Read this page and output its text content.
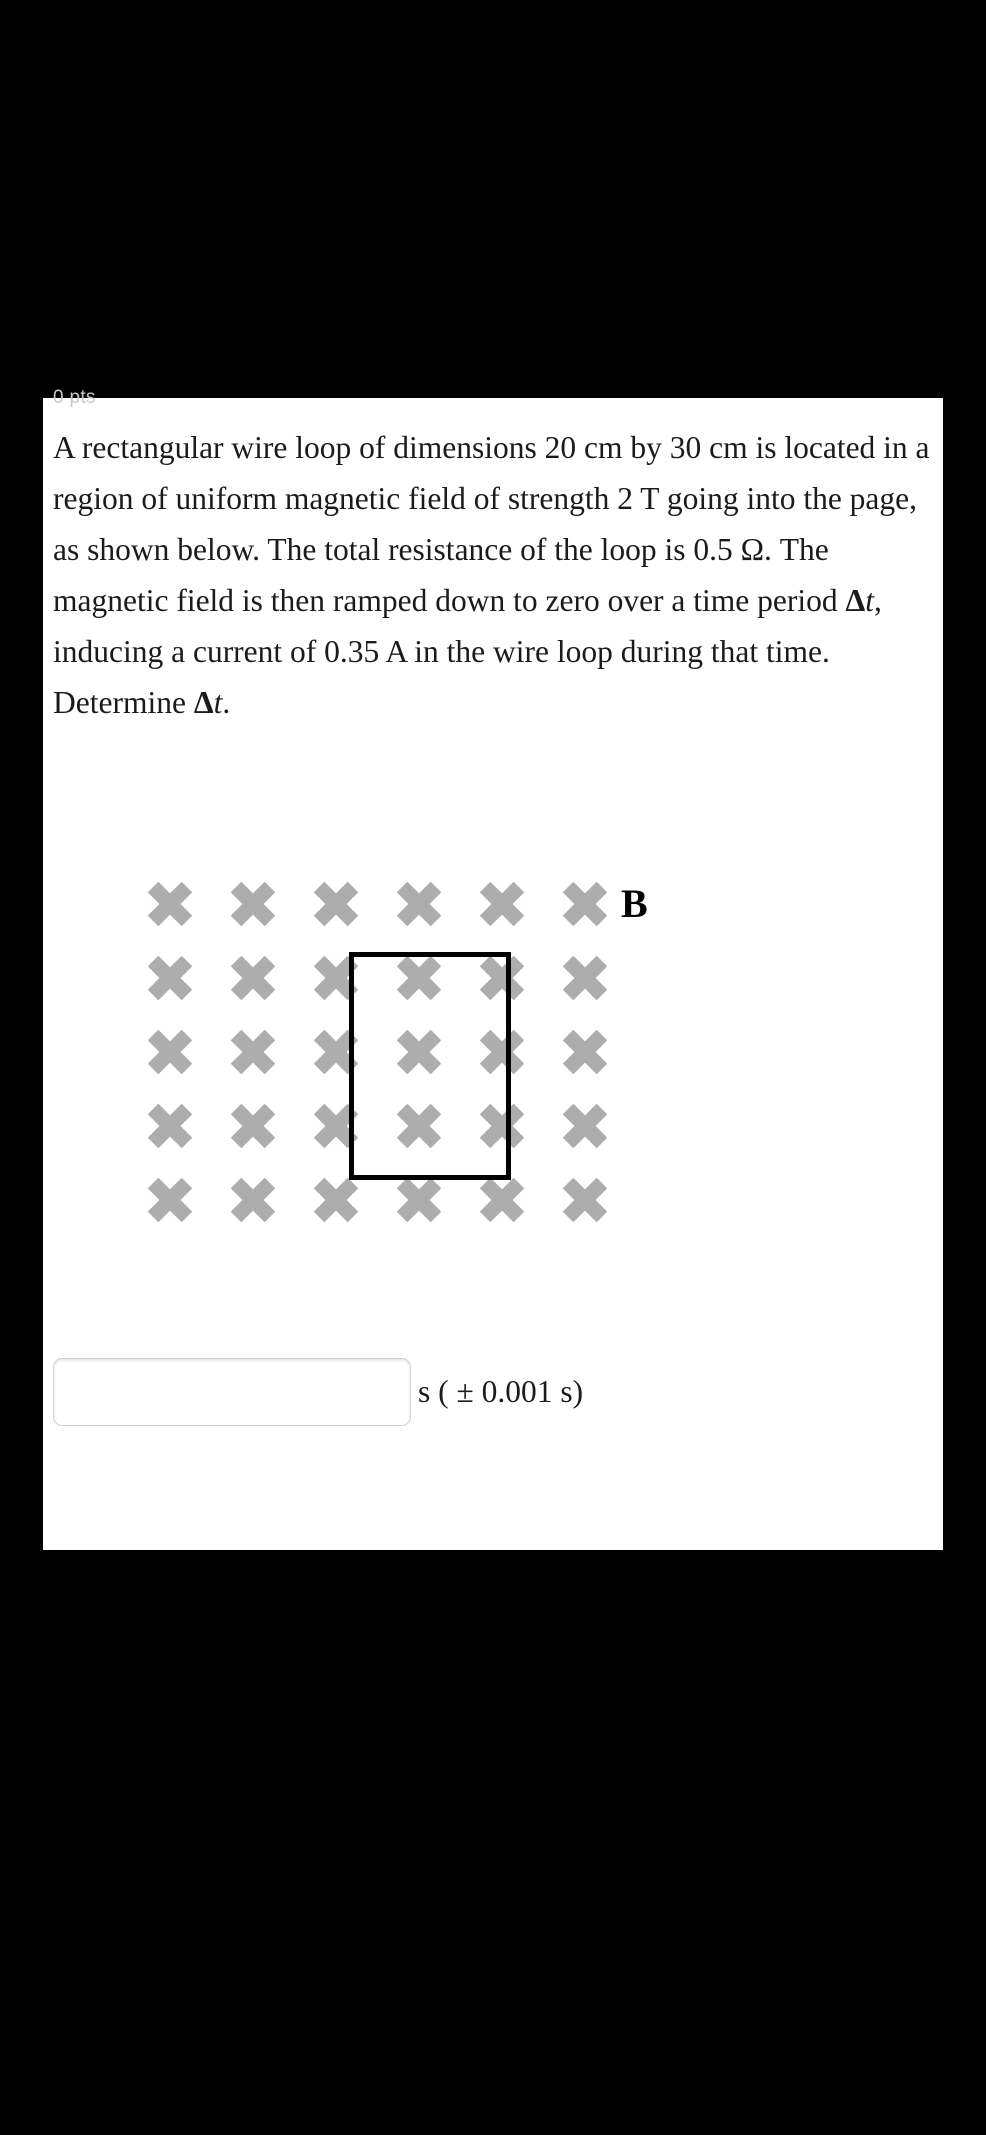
0 pts
A rectangular wire loop of dimensions 20 cm by 30 cm is located in a region of uniform magnetic field of strength 2 T going into the page, as shown below. The total resistance of the loop is 0.5 Ω. The magnetic field is then ramped down to zero over a time period Δt, inducing a current of 0.35 A in the wire loop during that time. Determine Δt.
B
s ( ± 0.001 s)
